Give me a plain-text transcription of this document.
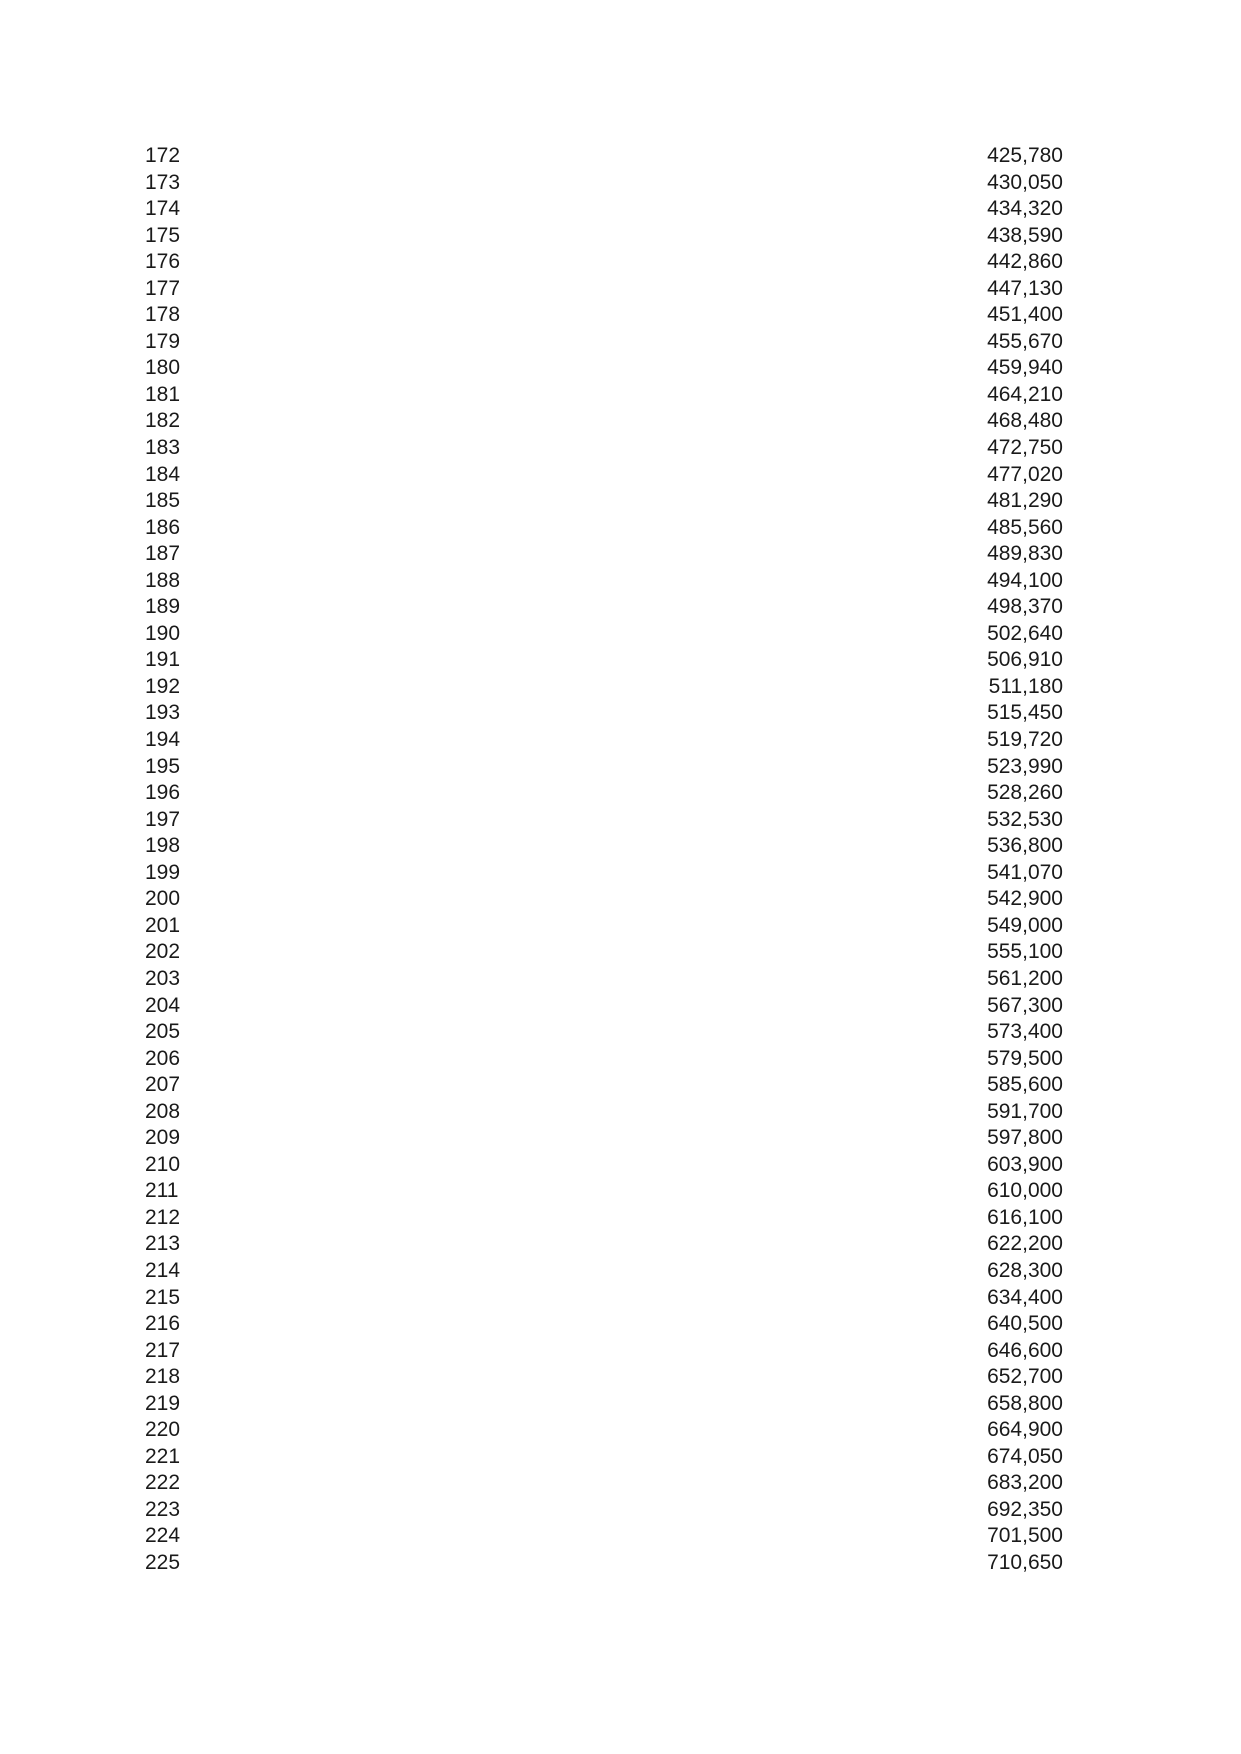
172	425,780
173	430,050
174	434,320
175	438,590
176	442,860
177	447,130
178	451,400
179	455,670
180	459,940
181	464,210
182	468,480
183	472,750
184	477,020
185	481,290
186	485,560
187	489,830
188	494,100
189	498,370
190	502,640
191	506,910
192	511,180
193	515,450
194	519,720
195	523,990
196	528,260
197	532,530
198	536,800
199	541,070
200	542,900
201	549,000
202	555,100
203	561,200
204	567,300
205	573,400
206	579,500
207	585,600
208	591,700
209	597,800
210	603,900
211	610,000
212	616,100
213	622,200
214	628,300
215	634,400
216	640,500
217	646,600
218	652,700
219	658,800
220	664,900
221	674,050
222	683,200
223	692,350
224	701,500
225	710,650
